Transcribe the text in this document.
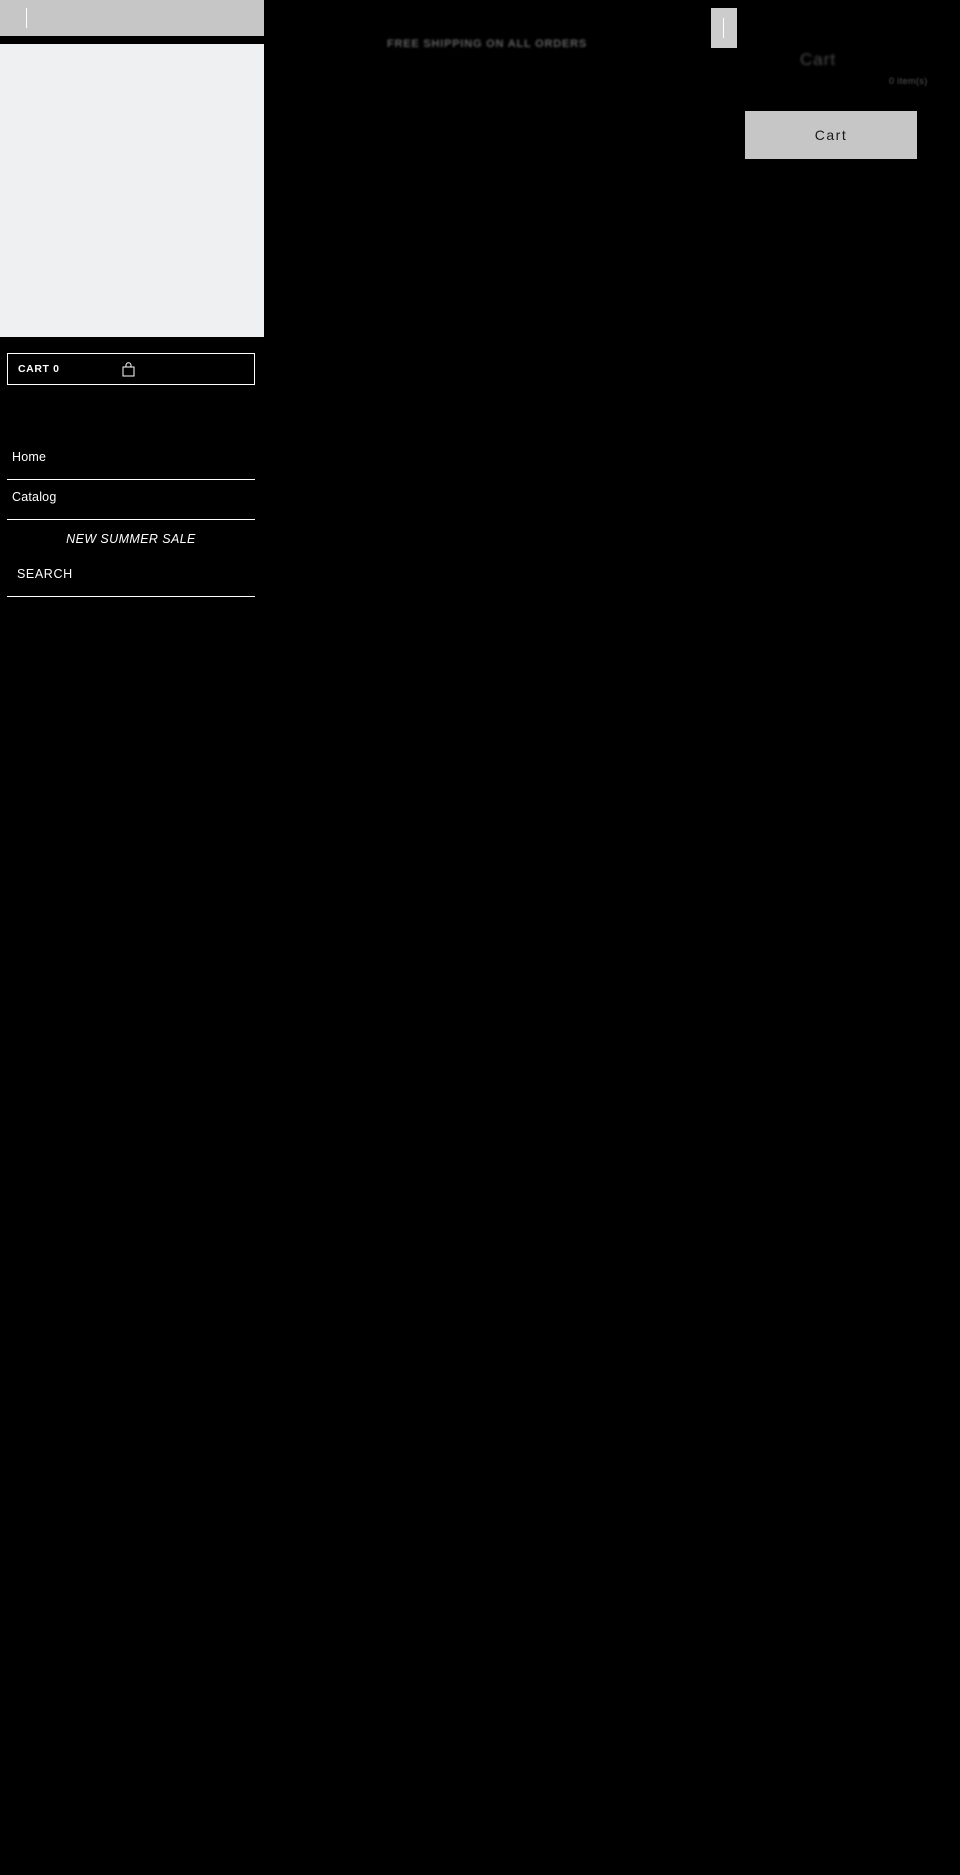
FREE SHIPPING ON ALL ORDERS
Cart
0 item(s)
Cart
CART 0
Home
Catalog
NEW SUMMER SALE
SEARCH
